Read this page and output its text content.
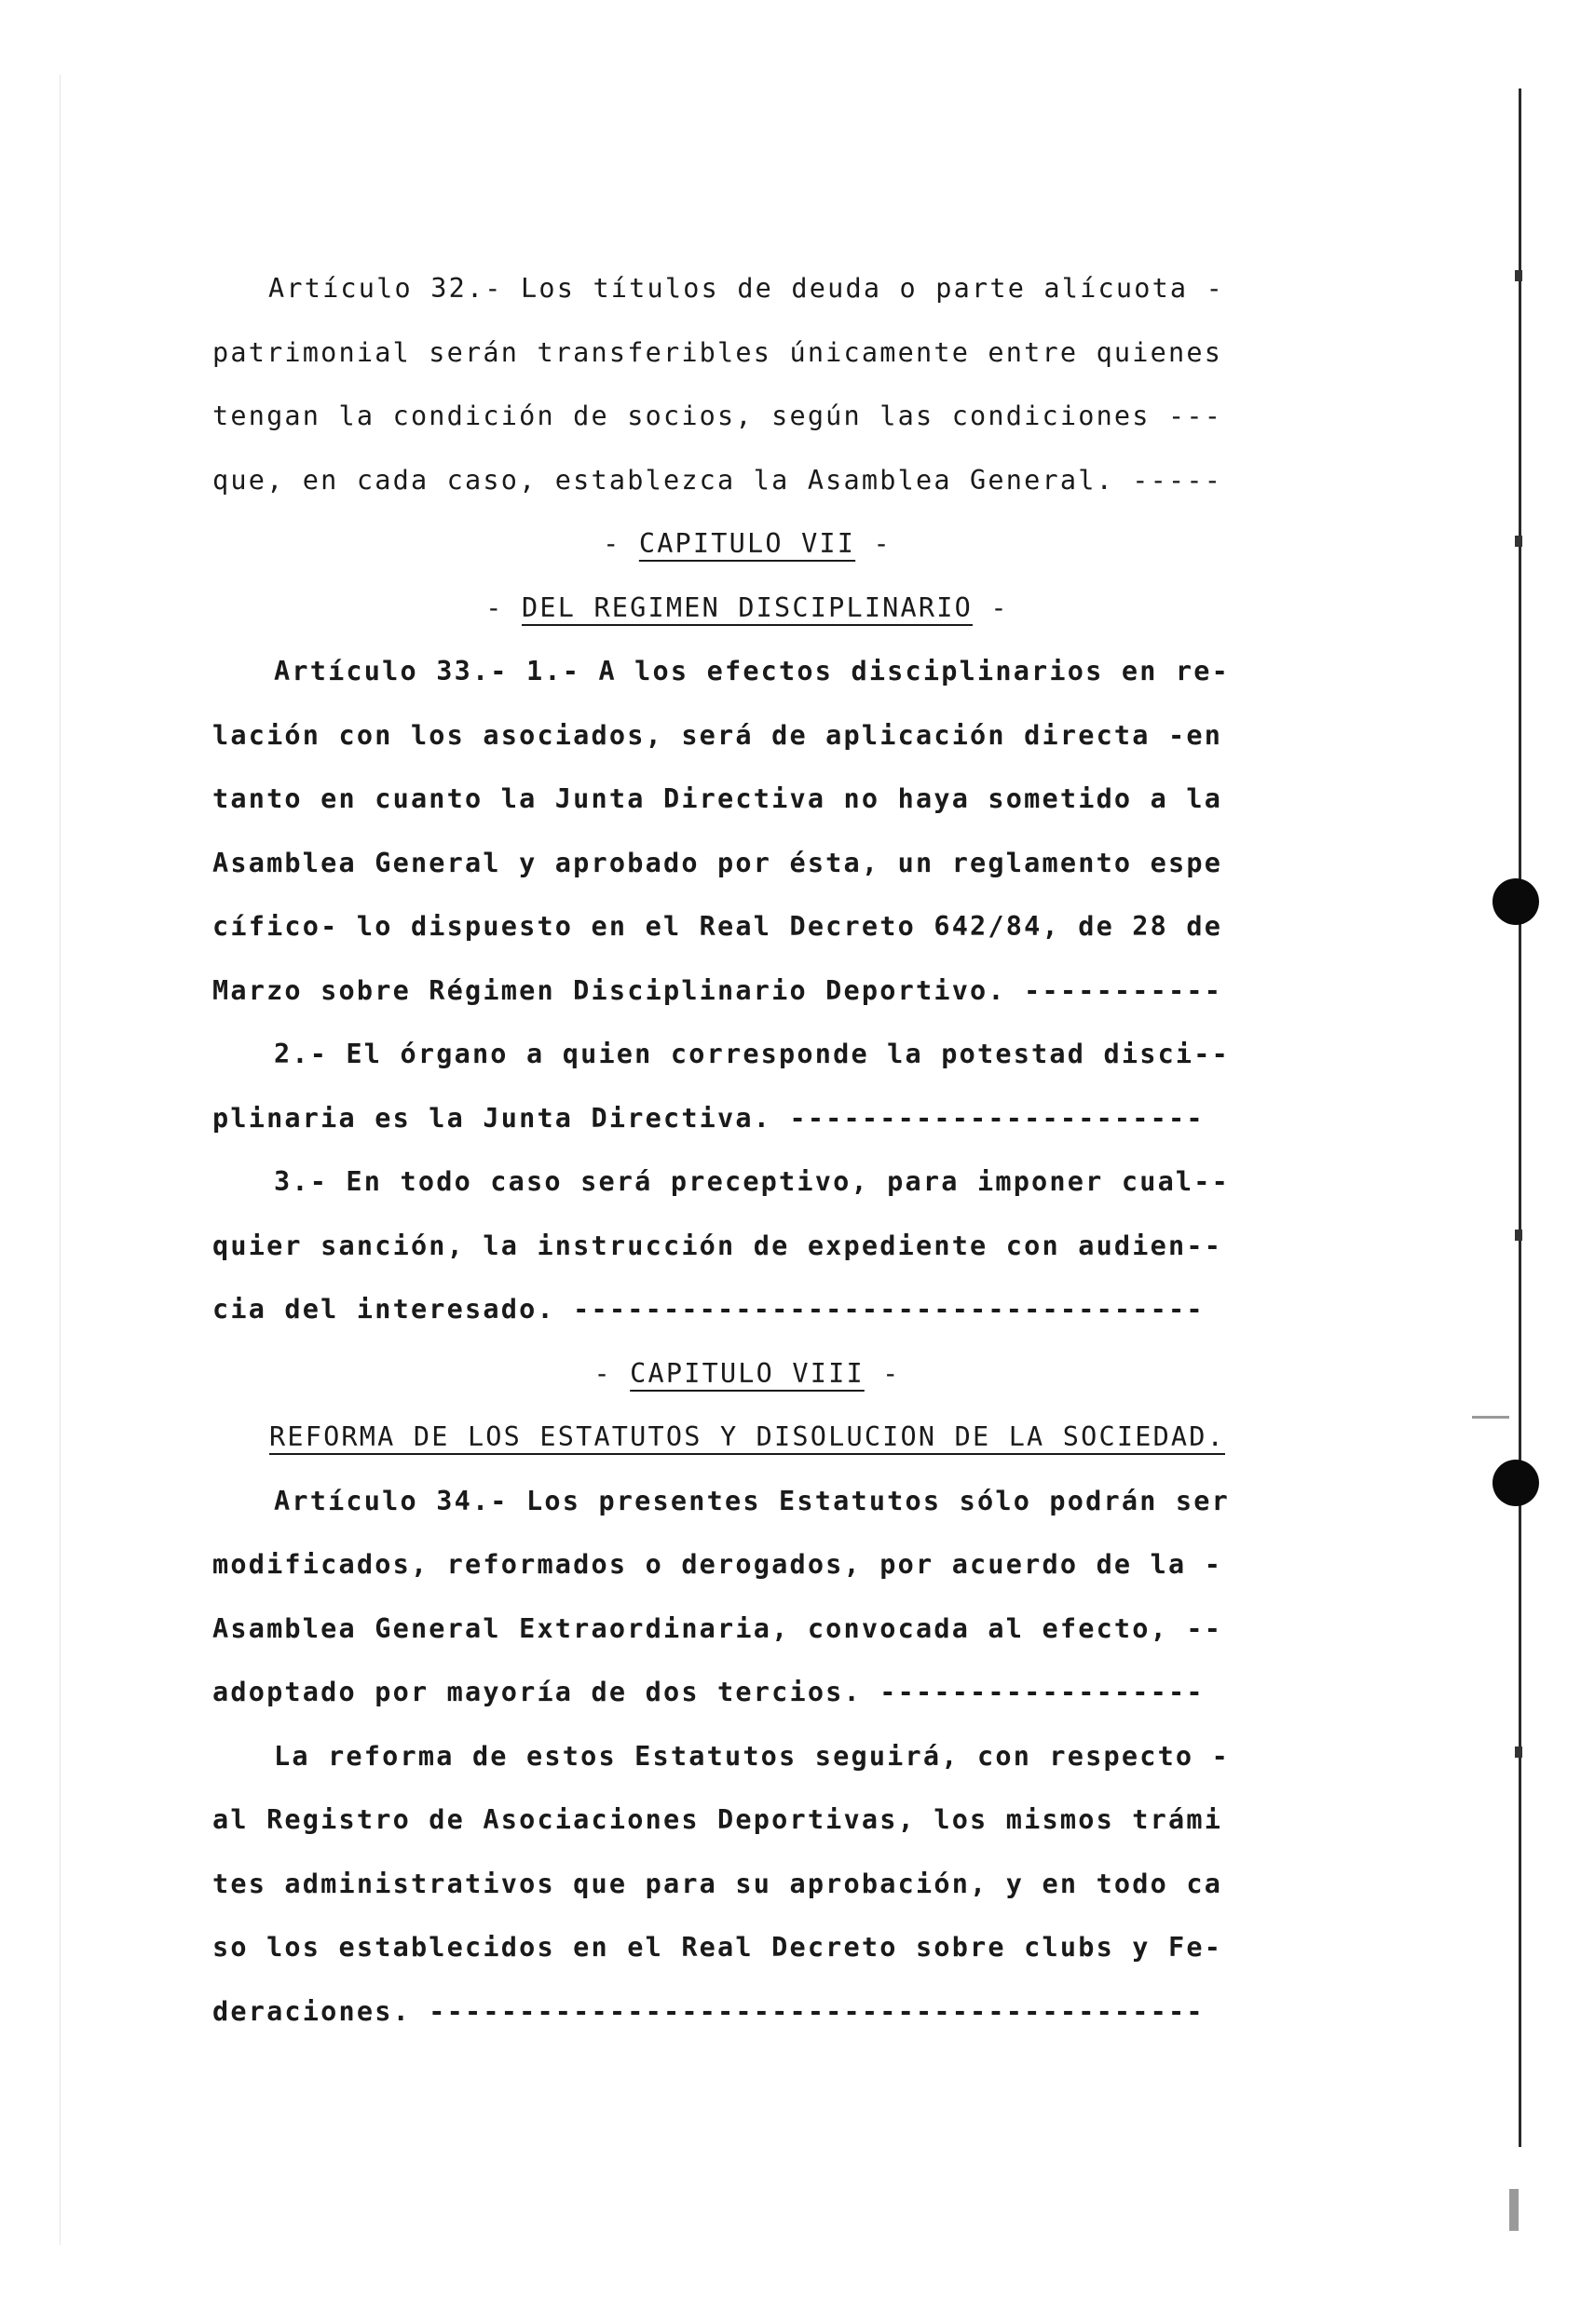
Artículo 32.- Los títulos de deuda o parte alícuota -
patrimonial serán transferibles únicamente entre quienes
tengan la condición de socios, según las condiciones ---
que, en cada caso, establezca la Asamblea General. -----
- CAPITULO VII -
- DEL REGIMEN DISCIPLINARIO -
Artículo 33.- 1.- A los efectos disciplinarios en re-
lación con los asociados, será de aplicación directa -en
tanto en cuanto la Junta Directiva no haya sometido a la
Asamblea General y aprobado por ésta, un reglamento espe
cífico- lo dispuesto en el Real Decreto 642/84, de 28 de
Marzo sobre Régimen Disciplinario Deportivo. -----------
2.- El órgano a quien corresponde la potestad disci--
plinaria es la Junta Directiva. -----------------------
3.- En todo caso será preceptivo, para imponer cual--
quier sanción, la instrucción de expediente con audien--
cia del interesado. -----------------------------------
- CAPITULO VIII -
REFORMA DE LOS ESTATUTOS Y DISOLUCION DE LA SOCIEDAD.
Artículo 34.- Los presentes Estatutos sólo podrán ser
modificados, reformados o derogados, por acuerdo de la -
Asamblea General Extraordinaria, convocada al efecto, --
adoptado por mayoría de dos tercios. ------------------
La reforma de estos Estatutos seguirá, con respecto -
al Registro de Asociaciones Deportivas, los mismos trámi
tes administrativos que para su aprobación, y en todo ca
so los establecidos en el Real Decreto sobre clubs y Fe-
deraciones. -------------------------------------------
